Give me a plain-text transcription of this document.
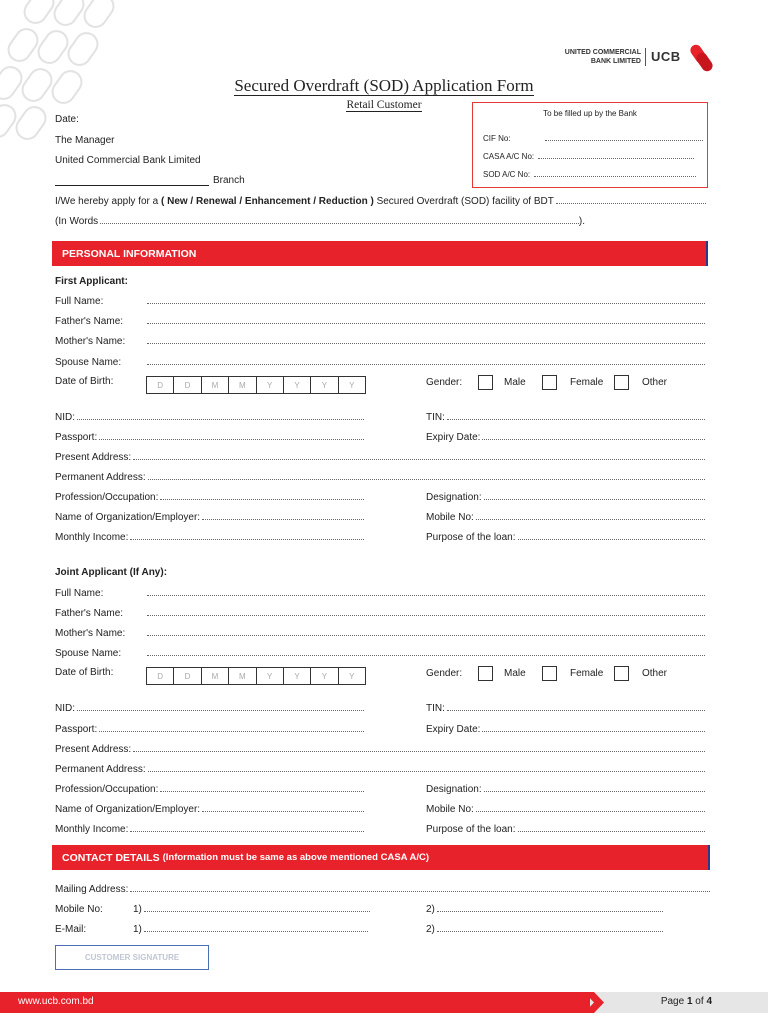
UNITED COMMERCIAL
BANK LIMITED UCB
Secured Overdraft (SOD) Application Form
Retail Customer
To be filled up by the Bank
CIF No:
CASA A/C No:
SOD A/C No:
Date:
The Manager
United Commercial Bank Limited
Branch
I/We hereby apply for a ( New / Renewal / Enhancement / Reduction ) Secured Overdraft (SOD) facility of BDT
(In Words	).
PERSONAL INFORMATION
First Applicant:
Full Name:
Father's Name:
Mother's Name:
Spouse Name:
Date of Birth:	D	D	M	M	Y	Y	Y	Y	Gender:	Male	Female	Other
NID:	TIN:
Passport:	Expiry Date:
Present Address:
Permanent Address:
Profession/Occupation:	Designation:
Name of Organization/Employer:	Mobile No:
Monthly Income:	Purpose of the loan:
Joint Applicant (If Any):
Full Name:
Father's Name:
Mother's Name:
Spouse Name:
Date of Birth:	D	D	M	M	Y	Y	Y	Y	Gender:	Male	Female	Other
NID:	TIN:
Passport:	Expiry Date:
Present Address:
Permanent Address:
Profession/Occupation:	Designation:
Name of Organization/Employer:	Mobile No:
Monthly Income:	Purpose of the loan:
CONTACT DETAILS (Information must be same as above mentioned CASA A/C)
Mailing Address:
Mobile No:	1)	2)
E-Mail:	1)	2)
CUSTOMER SIGNATURE
www.ucb.com.bd	Page 1 of 4
